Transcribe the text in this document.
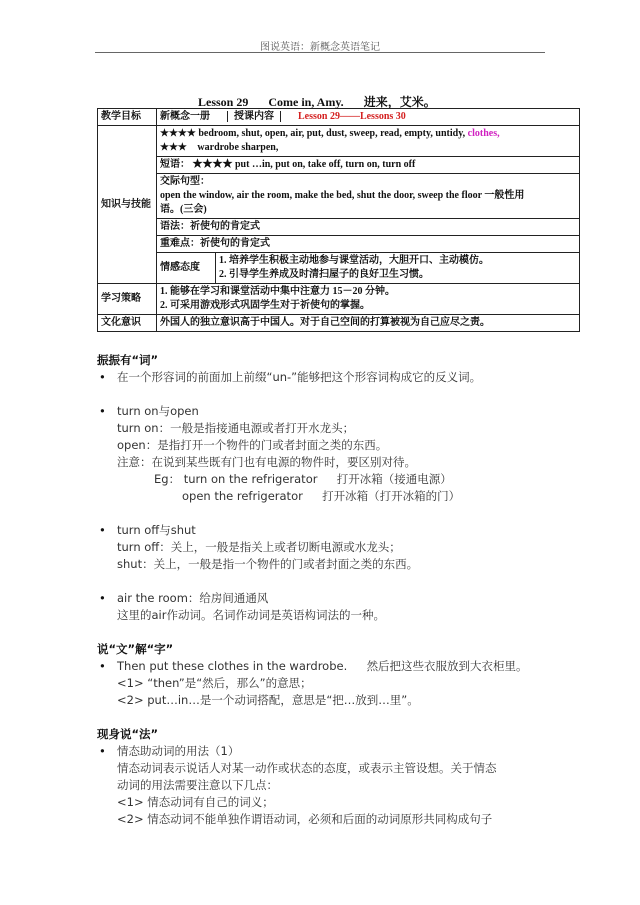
图说英语：新概念英语笔记
Lesson 29 Come in, Amy. 进来，艾米。
教学目标	新概念一册 授课内容 Lesson 29——Lessons 30	
知识与技能	★★★★ bedroom, shut, open, air, put, dust, sweep, read, empty, untidy, clothes,
★★★ wardrobe sharpen,	

	短语： ★★★★ put …in, put on, take off, turn on, turn off	

	交际句型：
open the window, air the room, make the bed, shut the door, sweep the floor 一般性用
语。(三会)	

	语法：祈使句的肯定式	
	重难点：祈使句的肯定式	
	情感态度	1. 培养学生积极主动地参与课堂活动，大胆开口、主动模仿。
2. 引导学生养成及时清扫屋子的良好卫生习惯。

学习策略	1. 能够在学习和课堂活动中集中注意力 15－20 分钟。
2. 可采用游戏形式巩固学生对于祈使句的掌握。	

文化意识	外国人的独立意识高于中国人。对于自己空间的打算被视为自己应尽之责。	

振振有“词”

• 在一个形容词的前面加上前缀“un-”能够把这个形容词构成它的反义词。

• turn on与open

turn on：一般是指接通电源或者打开水龙头；

open：是指打开一个物件的门或者封面之类的东西。

注意：在说到某些既有门也有电源的物件时，要区别对待。

Eg： turn on the refrigerator 打开冰箱（接通电源）

open the refrigerator 打开冰箱（打开冰箱的门）

• turn off与shut

turn off：关上，一般是指关上或者切断电源或水龙头；

shut：关上，一般是指一个物件的门或者封面之类的东西。

• air the room：给房间通通风

这里的air作动词。名词作动词是英语构词法的一种。

说“文”解“字”

• Then put these clothes in the wardrobe. 然后把这些衣服放到大衣柜里。

<1> “then”是“然后，那么”的意思；

<2> put…in…是一个动词搭配，意思是“把…放到…里”。

现身说“法”

• 情态助动词的用法（1）

情态动词表示说话人对某一动作或状态的态度，或表示主管设想。关于情态

动词的用法需要注意以下几点：

<1> 情态动词有自己的词义；

<2> 情态动词不能单独作谓语动词，必须和后面的动词原形共同构成句子
